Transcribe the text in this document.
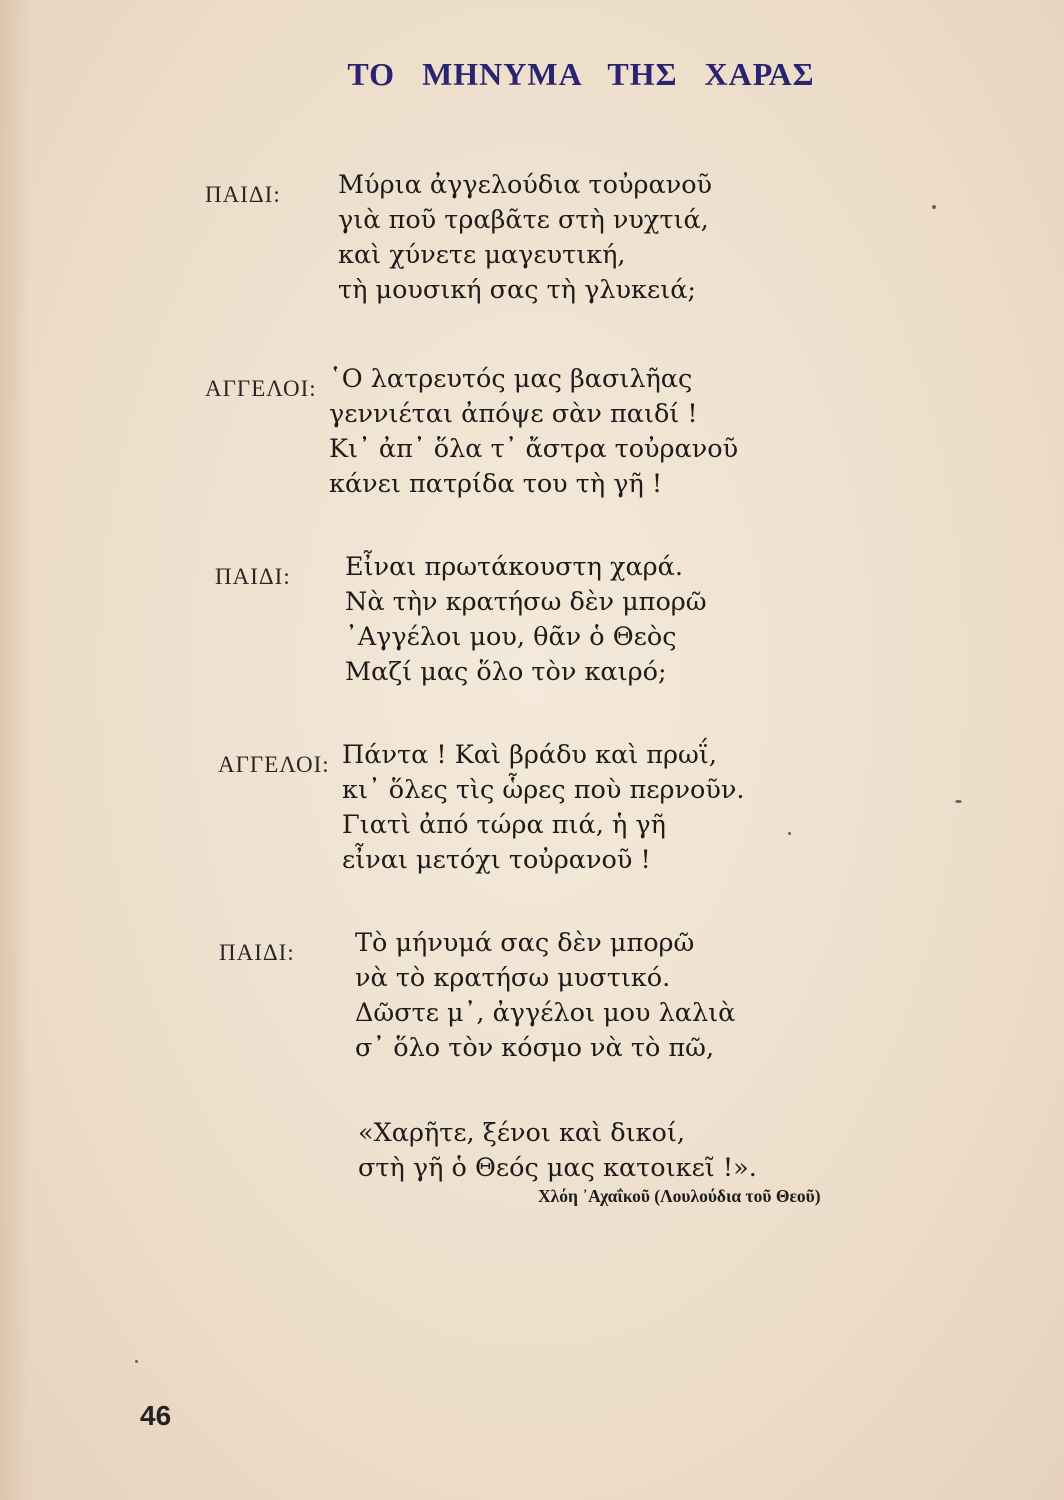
ΤΟ ΜΗΝΥΜΑ ΤΗΣ ΧΑΡΑΣ
ΠΑΙΔΙ: Μύρια ἀγγελούδια τοὐρανοῦ
γιὰ ποῦ τραβᾶτε στὴ νυχτιά,
καὶ χύνετε μαγευτική,
τὴ μουσική σας τὴ γλυκειά;
ΑΓΓΕΛΟΙ: ῾Ο λατρευτός μας βασιλῆας
γεννιέται ἀπόψε σὰν παιδί !
Κι᾽ ἀπ᾽ ὅλα τ᾽ ἄστρα τοὐρανοῦ
κάνει πατρίδα του τὴ γῆ !
ΠΑΙΔΙ: Εἶναι πρωτάκουστη χαρά.
Νὰ τὴν κρατήσω δὲν μπορῶ
᾽Αγγέλοι μου, θᾶν ὁ Θεὸς
Μαζί μας ὅλο τὸν καιρό;
ΑΓΓΕΛΟΙ: Πάντα ! Καὶ βράδυ καὶ πρωΐ,
κι᾽ ὅλες τὶς ὧρες ποὺ περνοῦν.
Γιατὶ ἀπό τώρα πιά, ἡ γῆ
εἶναι μετόχι τοὐρανοῦ !
ΠΑΙΔΙ: Τὸ μήνυμά σας δὲν μπορῶ
νὰ τὸ κρατήσω μυστικό.
Δῶστε μ᾽, ἀγγέλοι μου λαλιὰ
σ᾽ ὅλο τὸν κόσμο νὰ τὸ πῶ,
«Χαρῆτε, ξένοι καὶ δικοί,
στὴ γῆ ὁ Θεός μας κατοικεῖ !».
Χλόη ᾽Αχαΐκοῦ (Λουλούδια τοῦ Θεοῦ)
46
